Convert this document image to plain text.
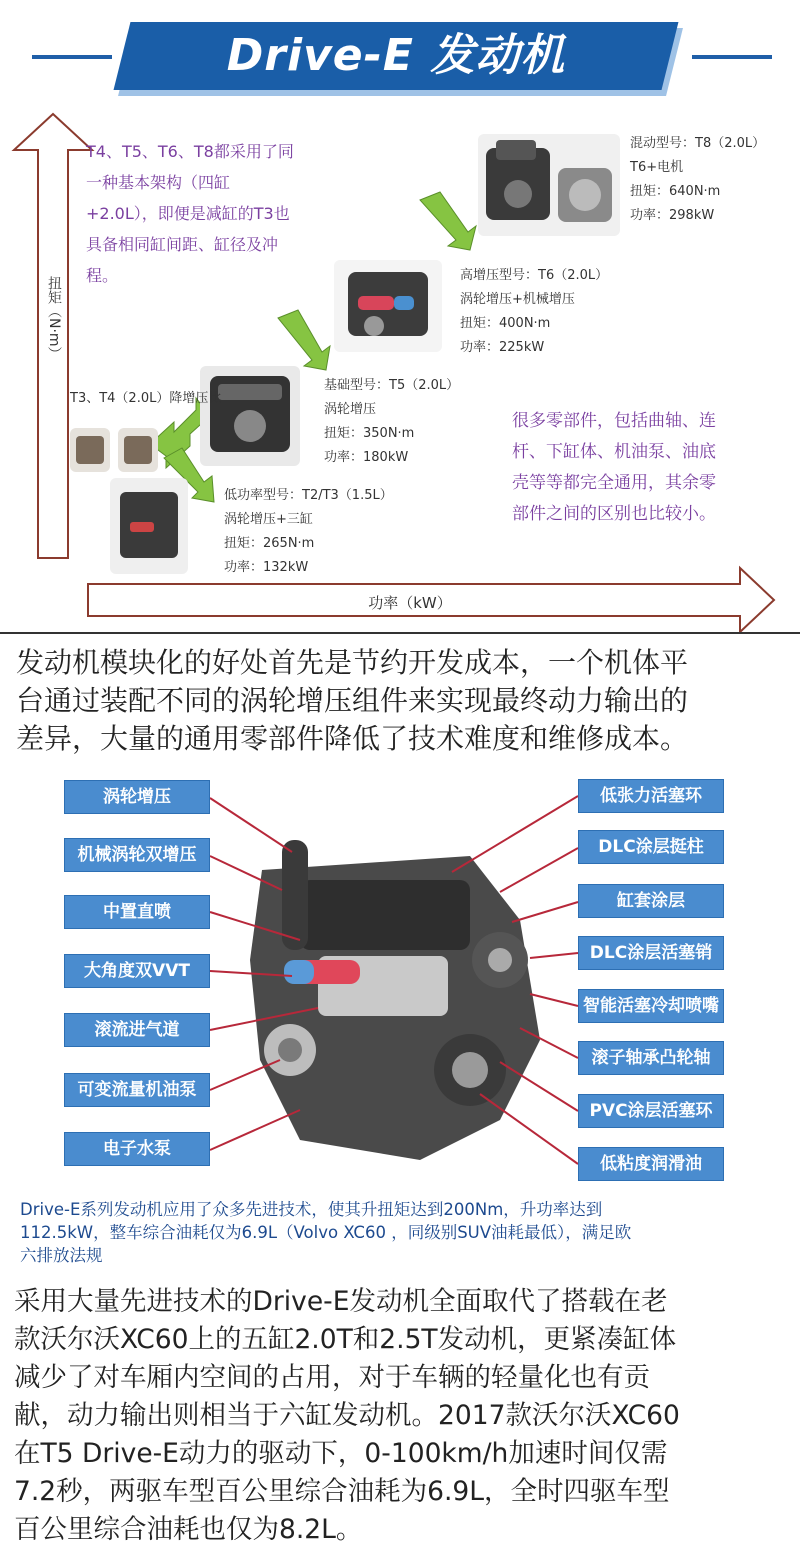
Drive-E 发动机
扭矩（N·m）
功率（kW）
T4、T5、T6、T8都采用了同
一种基本架构（四缸
+2.0L），即便是减缸的T3也
具备相同缸间距、缸径及冲
程。
T3、T4（2.0L）降增压比
混动型号：T8（2.0L）
T6+电机
扭矩：640N·m
功率：298kW
高增压型号：T6（2.0L）
涡轮增压+机械增压
扭矩：400N·m
功率：225kW
基础型号：T5（2.0L）
涡轮增压
扭矩：350N·m
功率：180kW
低功率型号：T2/T3（1.5L）
涡轮增压+三缸
扭矩：265N·m
功率：132kW
很多零部件，包括曲轴、连
杆、下缸体、机油泵、油底
壳等等都完全通用，其余零
部件之间的区别也比较小。
发动机模块化的好处首先是节约开发成本，一个机体平
台通过装配不同的涡轮增压组件来实现最终动力输出的
差异，大量的通用零部件降低了技术难度和维修成本。
涡轮增压
机械涡轮双增压
中置直喷
大角度双VVT
滚流进气道
可变流量机油泵
电子水泵
低张力活塞环
DLC涂层挺柱
缸套涂层
DLC涂层活塞销
智能活塞冷却喷嘴
滚子轴承凸轮轴
PVC涂层活塞环
低粘度润滑油
Drive-E系列发动机应用了众多先进技术，使其升扭矩达到200Nm，升功率达到
112.5kW，整车综合油耗仅为6.9L（Volvo XC60 ，同级别SUV油耗最低），满足欧
六排放法规
采用大量先进技术的Drive-E发动机全面取代了搭载在老
款沃尔沃XC60上的五缸2.0T和2.5T发动机，更紧凑缸体
减少了对车厢内空间的占用，对于车辆的轻量化也有贡
献，动力输出则相当于六缸发动机。2017款沃尔沃XC60
在T5 Drive-E动力的驱动下，0-100km/h加速时间仅需
7.2秒，两驱车型百公里综合油耗为6.9L，全时四驱车型
百公里综合油耗也仅为8.2L。
